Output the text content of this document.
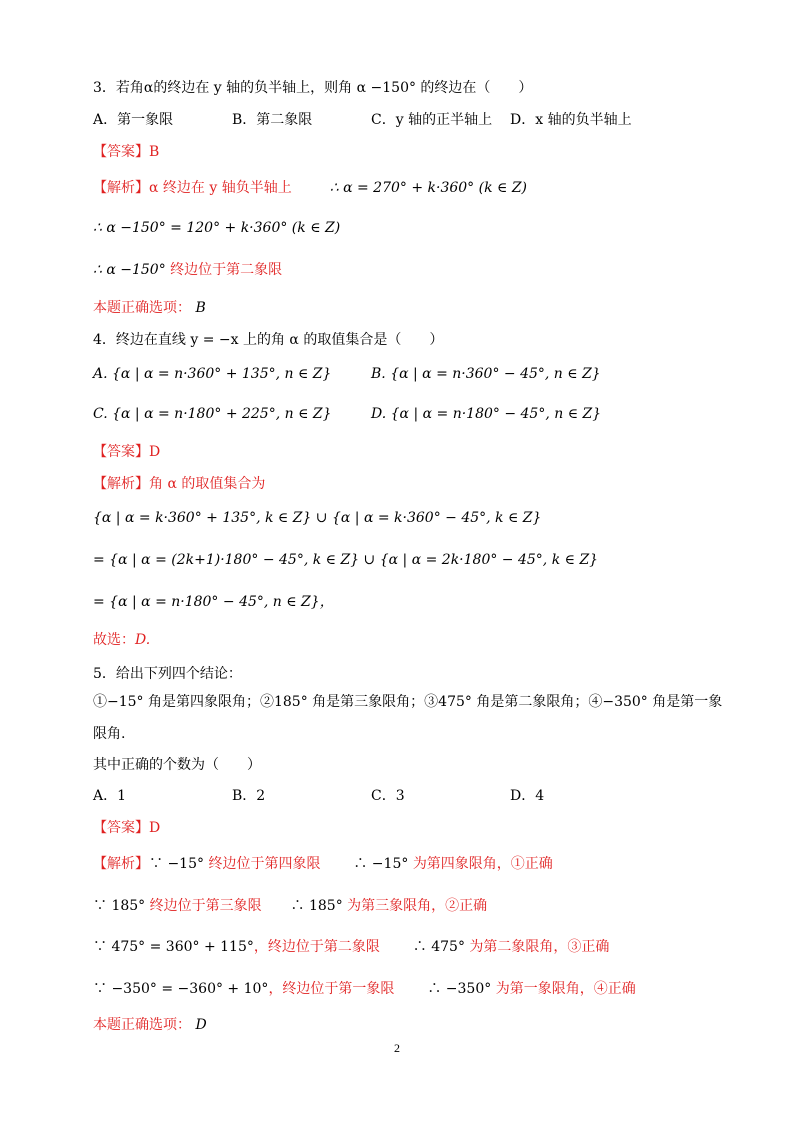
3．若角α的终边在 y 轴的负半轴上，则角 α −150° 的终边在（　　）
A．第一象限	B．第二象限	C．y 轴的正半轴上 D．x 轴的负半轴上
【答案】B
【解析】α 终边在 y 轴负半轴上	∴ α = 270° + k·360° (k ∈ Z)
∴ α −150° = 120° + k·360° (k ∈ Z)
∴ α −150° 终边位于第二象限
本题正确选项： B
4．终边在直线 y = −x 上的角 α 的取值集合是（　　）
A. {α | α = n·360° + 135°, n ∈ Z}	B. {α | α = n·360° − 45°, n ∈ Z}
C. {α | α = n·180° + 225°, n ∈ Z}	D. {α | α = n·180° − 45°, n ∈ Z}
【答案】D
【解析】角 α 的取值集合为
{α | α = k·360° + 135°, k ∈ Z} ∪ {α | α = k·360° − 45°, k ∈ Z}
= {α | α = (2k+1)·180° − 45°, k ∈ Z} ∪ {α | α = 2k·180° − 45°, k ∈ Z}
= {α | α = n·180° − 45°, n ∈ Z}，
故选：D.
5．给出下列四个结论：
①−15° 角是第四象限角；②185° 角是第三象限角；③475° 角是第二象限角；④−350° 角是第一象
限角.
其中正确的个数为（　　）
A．1	B．2	C．3	D．4
【答案】D
【解析】∵ −15° 终边位于第四象限 ∴ −15° 为第四象限角，①正确
∵ 185° 终边位于第三象限 ∴ 185° 为第三象限角，②正确
∵ 475° = 360° + 115°，终边位于第二象限 ∴ 475° 为第二象限角，③正确
∵ −350° = −360° + 10°，终边位于第一象限 ∴ −350° 为第一象限角，④正确
本题正确选项： D
2
